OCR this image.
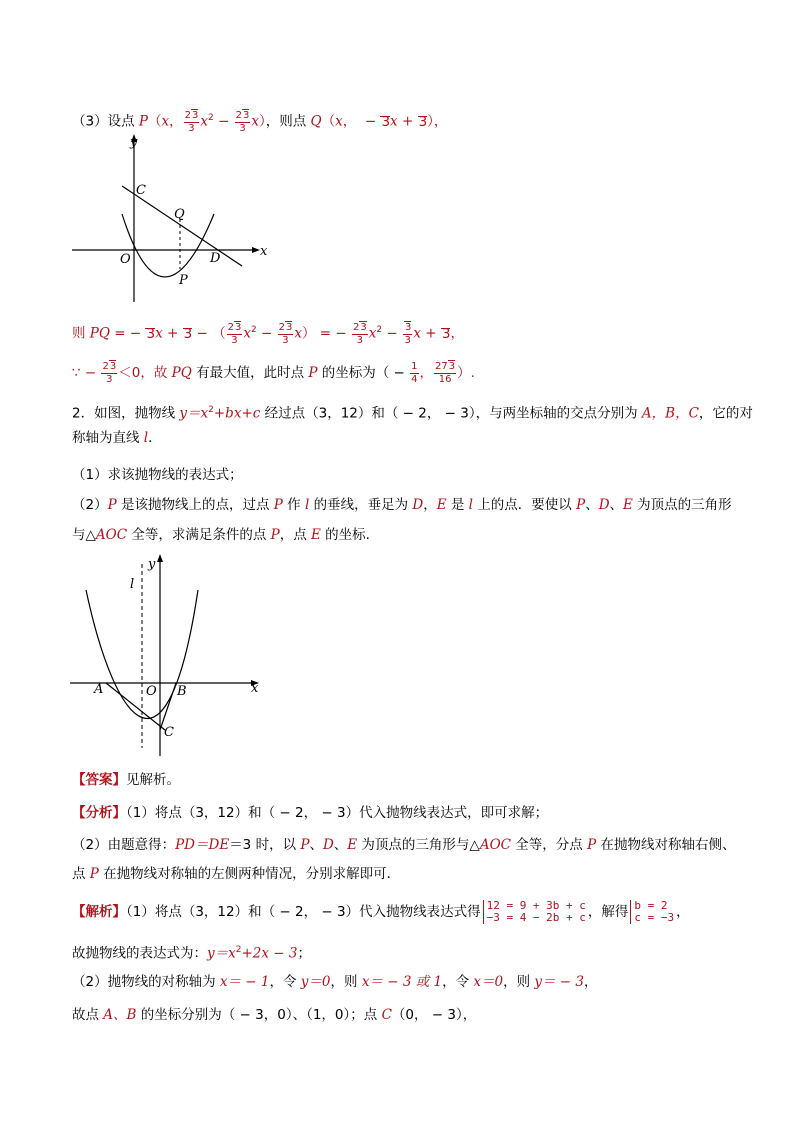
（3）设点 P（x， $\frac{23}{3} x^2 - \frac{23}{3} x$），则点 Q（x，  − 3x + 3），
y
x
C
Q
O	D
P
则 PQ = − 3x + 3 − （ $\frac{23}{3} x^2 - \frac{23}{3} x$） = − $\frac{23}{3} x^2 - \frac{3}{3}$ x + 3，
∵ − $\frac{23}{3} <0$，故 PQ 有最大值，此时点 P 的坐标为（ − $\frac{1}{4}$ ， $\frac{273}{16}$ ）.
2．如图，抛物线 $y=x^2+bx+c$ 经过点（3，12）和（ − 2， − 3），与两坐标轴的交点分别为 A，B，C，它的对
称轴为直线 l．
（1）求该抛物线的表达式；
（2）P 是该抛物线上的点，过点 P 作 l 的垂线，垂足为 D，E 是 l 上的点．要使以 P、D、E 为顶点的三角形
与△AOC 全等，求满足条件的点 P，点 E 的坐标．
l
y
x
A	O B
C
【答案】见解析。
【分析】（1）将点（3，12）和（ − 2， − 3）代入抛物线表达式，即可求解；
（2）由题意得：PD＝DE＝3 时，以 P、D、E 为顶点的三角形与△AOC 全等，分点 P 在抛物线对称轴右侧、
点 P 在抛物线对称轴的左侧两种情况，分别求解即可．
【解析】（1）将点（3，12）和（ − 2， − 3）代入抛物线表达式得 12 = 9 + 3b + c
−3 = 4 − 2b + c ，解得 b = 2
c = −3 ，
故抛物线的表达式为：$y=x^2+2x - 3$；
（2）抛物线的对称轴为 x＝ − 1，令 y＝0，则 x＝ − 3 或 1，令 x＝0，则 y＝ − 3，
故点 A、B 的坐标分别为（ − 3，0）、（1，0）；点 C（0， − 3），
